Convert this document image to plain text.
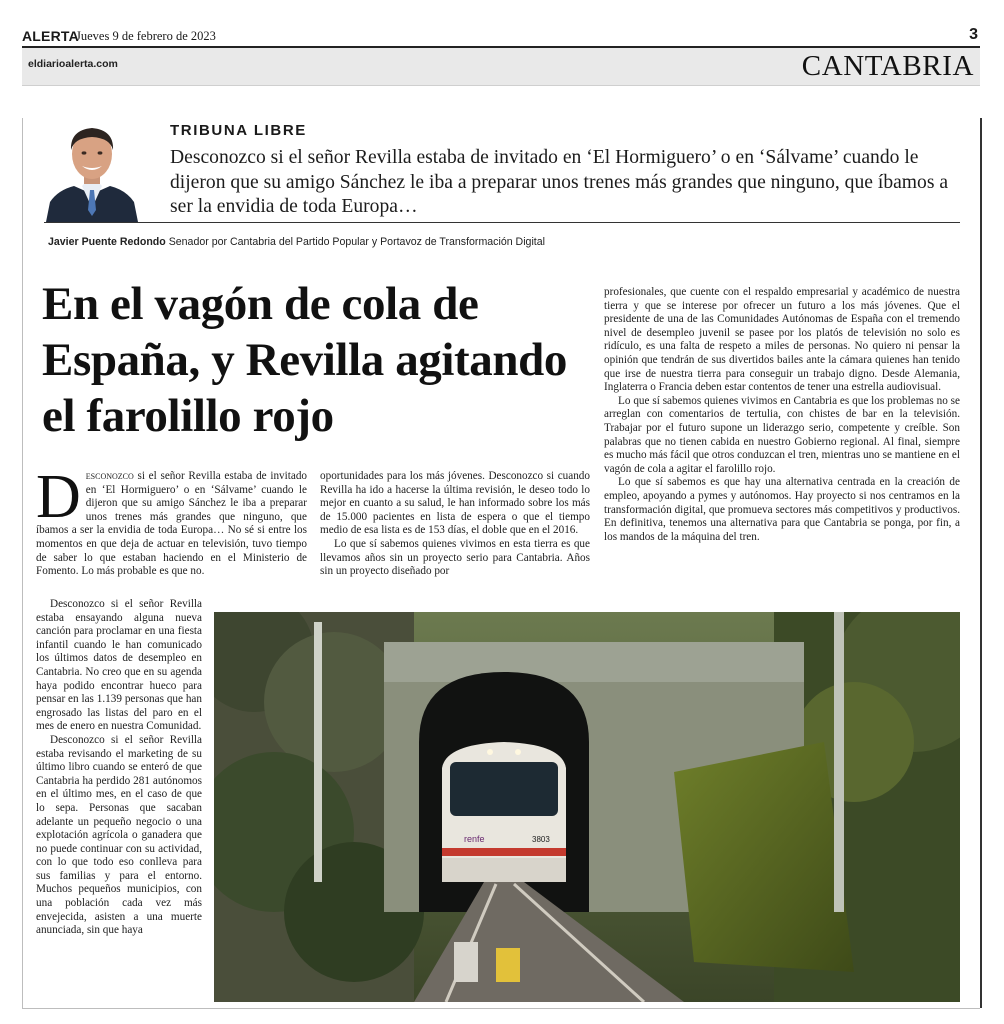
ALERTA
Jueves 9 de febrero de 2023	3
eldiarioalerta.com	CANTABRIA
TRIBUNA LIBRE
Desconozco si el señor Revilla estaba de invitado en ‘El Hormiguero’ o en ‘Sálvame’ cuando le dijeron que su amigo Sánchez le iba a preparar unos trenes más grandes que ninguno, que íbamos a ser la envidia de toda Europa…
Javier Puente Redondo Senador por Cantabria del Partido Popular y Portavoz de Transformación Digital
En el vagón de cola de España, y Revilla agitando el farolillo rojo

Desconozco si el señor Revilla estaba de invitado en ‘El Hormiguero’ o en ‘Sálvame’ cuando le dijeron que su amigo Sánchez le iba a preparar unos trenes más grandes que ninguno, que íbamos a ser la envidia de toda Europa… No sé si entre los momentos en que deja de actuar en televisión, tuvo tiempo de saber lo que estaban haciendo en el Ministerio de Fomento. Lo más probable es que no.

Desconozco si el señor Revilla estaba ensayando alguna nueva canción para proclamar en una fiesta infantil cuando le han comunicado los últimos datos de desempleo en Cantabria. No creo que en su agenda haya podido encontrar hueco para pensar en las 1.139 personas que han engrosado las listas del paro en el mes de enero en nuestra Comunidad.

Desconozco si el señor Revilla estaba revisando el marketing de su último libro cuando se enteró de que Cantabria ha perdido 281 autónomos en el último mes, en el caso de que lo sepa. Personas que sacaban adelante un pequeño negocio o una explotación agrícola o ganadera que no puede continuar con su actividad, con lo que todo eso conlleva para sus familias y para el entorno. Muchos pequeños municipios, con una población cada vez más envejecida, asisten a una muerte anunciada, sin que haya

oportunidades para los más jóvenes. Desconozco si cuando Revilla ha ido a hacerse la última revisión, le deseo todo lo mejor en cuanto a su salud, le han informado sobre los más de 15.000 pacientes en lista de espera o que el tiempo medio de esa lista es de 153 días, el doble que en el 2016.

Lo que sí sabemos quienes vivimos en esta tierra es que llevamos años sin un proyecto serio para Cantabria. Años sin un proyecto diseñado por

profesionales, que cuente con el respaldo empresarial y académico de nuestra tierra y que se interese por ofrecer un futuro a los más jóvenes. Que el presidente de una de las Comunidades Autónomas de España con el tremendo nivel de desempleo juvenil se pasee por los platós de televisión no solo es ridículo, es una falta de respeto a miles de personas. No quiero ni pensar la opinión que tendrán de sus divertidos bailes ante la cámara quienes han tenido que irse de nuestra tierra para conseguir un trabajo digno. Desde Alemania, Inglaterra o Francia deben estar contentos de tener una estrella audiovisual.

Lo que sí sabemos quienes vivimos en Cantabria es que los problemas no se arreglan con comentarios de tertulia, con chistes de bar en la televisión. Trabajar por el futuro supone un liderazgo serio, competente y creíble. Son palabras que no tienen cabida en nuestro Gobierno regional. Al final, siempre es mucho más fácil que otros conduzcan el tren, mientras uno se mantiene en el vagón de cola a agitar el farolillo rojo.

Lo que sí sabemos es que hay una alternativa centrada en la creación de empleo, apoyando a pymes y autónomos. Hay proyecto si nos centramos en la transformación digital, que promueva sectores más competitivos y productivos. En definitiva, tenemos una alternativa para que Cantabria se ponga, por fin, a los mandos de la máquina del tren.

renfe	3803
